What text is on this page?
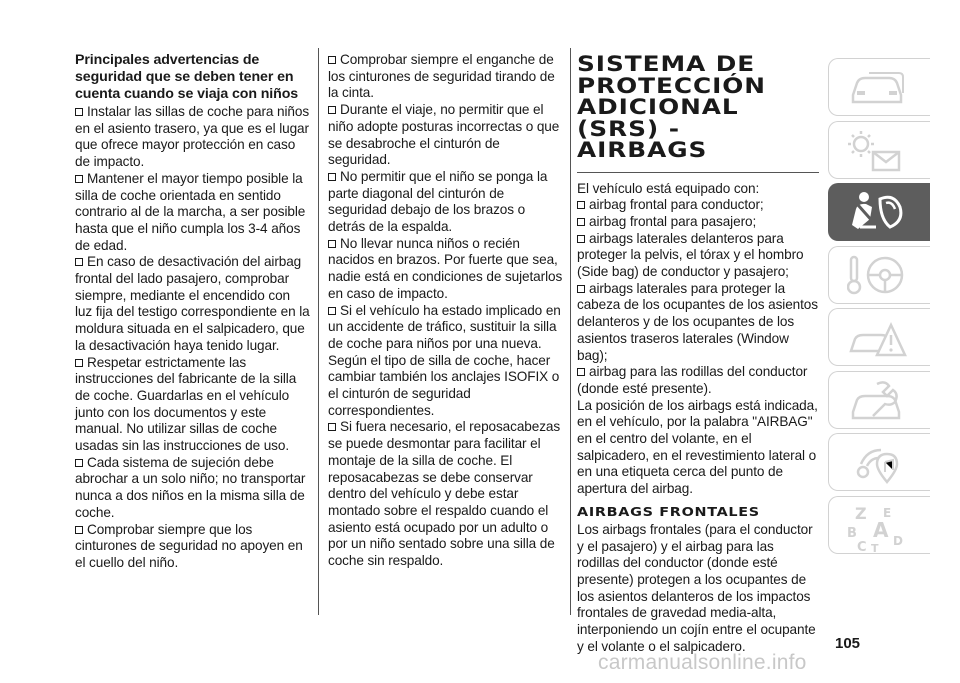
Principales advertencias de seguridad que se deben tener en cuenta cuando se viaja con niños

Instalar las sillas de coche para niños en el asiento trasero, ya que es el lugar que ofrece mayor protección en caso de impacto.

Mantener el mayor tiempo posible la silla de coche orientada en sentido contrario al de la marcha, a ser posible hasta que el niño cumpla los 3-4 años de edad.

En caso de desactivación del airbag frontal del lado pasajero, comprobar siempre, mediante el encendido con luz fija del testigo correspondiente en la moldura situada en el salpicadero, que la desactivación haya tenido lugar.

Respetar estrictamente las instrucciones del fabricante de la silla de coche. Guardarlas en el vehículo junto con los documentos y este manual. No utilizar sillas de coche usadas sin las instrucciones de uso.

Cada sistema de sujeción debe abrochar a un solo niño; no transportar nunca a dos niños en la misma silla de coche.

Comprobar siempre que los cinturones de seguridad no apoyen en el cuello del niño.

Comprobar siempre el enganche de los cinturones de seguridad tirando de la cinta.

Durante el viaje, no permitir que el niño adopte posturas incorrectas o que se desabroche el cinturón de seguridad.

No permitir que el niño se ponga la parte diagonal del cinturón de seguridad debajo de los brazos o detrás de la espalda.

No llevar nunca niños o recién nacidos en brazos. Por fuerte que sea, nadie está en condiciones de sujetarlos en caso de impacto.

Si el vehículo ha estado implicado en un accidente de tráfico, sustituir la silla de coche para niños por una nueva. Según el tipo de silla de coche, hacer cambiar también los anclajes ISOFIX o el cinturón de seguridad correspondientes.

Si fuera necesario, el reposacabezas se puede desmontar para facilitar el montaje de la silla de coche. El reposacabezas se debe conservar dentro del vehículo y debe estar montado sobre el respaldo cuando el asiento está ocupado por un adulto o por un niño sentado sobre una silla de coche sin respaldo.

SISTEMA DE PROTECCIÓN ADICIONAL (SRS) - AIRBAGS

El vehículo está equipado con:

airbag frontal para conductor;

airbag frontal para pasajero;

airbags laterales delanteros para proteger la pelvis, el tórax y el hombro (Side bag) de conductor y pasajero;

airbags laterales para proteger la cabeza de los ocupantes de los asientos delanteros y de los ocupantes de los asientos traseros laterales (Window bag);

airbag para las rodillas del conductor (donde esté presente).

La posición de los airbags está indicada, en el vehículo, por la palabra "AIRBAG" en el centro del volante, en el salpicadero, en el revestimiento lateral o en una etiqueta cerca del punto de apertura del airbag.

AIRBAGS FRONTALES

Los airbags frontales (para el conductor y el pasajero) y el airbag para las rodillas del conductor (donde esté presente) protegen a los ocupantes de los asientos delanteros de los impactos frontales de gravedad media-alta, interponiendo un cojín entre el ocupante y el volante o el salpicadero.

Z E
B A
C D
T
105
carmanualsonline.info
